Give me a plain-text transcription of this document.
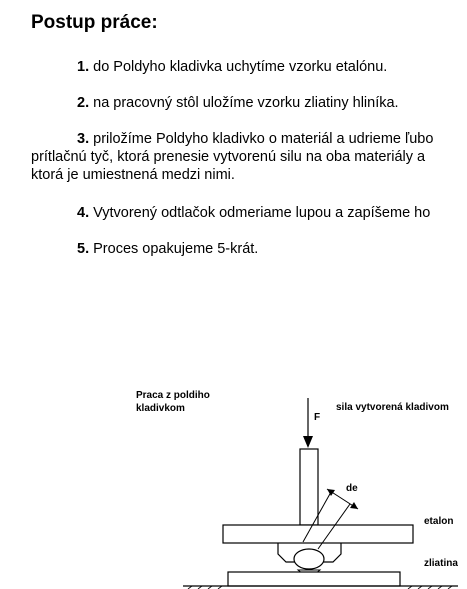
Postup práce:
1. do Poldyho kladivka uchytíme vzorku etalónu.
2. na pracovný stôl uložíme vzorku zliatiny hliníka.
3. priložíme Poldyho kladivko o materiál a udrieme ľubo
prítlačnú tyč, ktorá prenesie vytvorenú silu na oba materiály a
ktorá je umiestnená medzi nimi.
4. Vytvorený odtlačok odmeriame lupou a zapíšeme ho
5. Proces opakujeme 5-krát.
Praca z poldiho
kladivkom
F
sila vytvorená kladivom
de
etalon
zliatina
